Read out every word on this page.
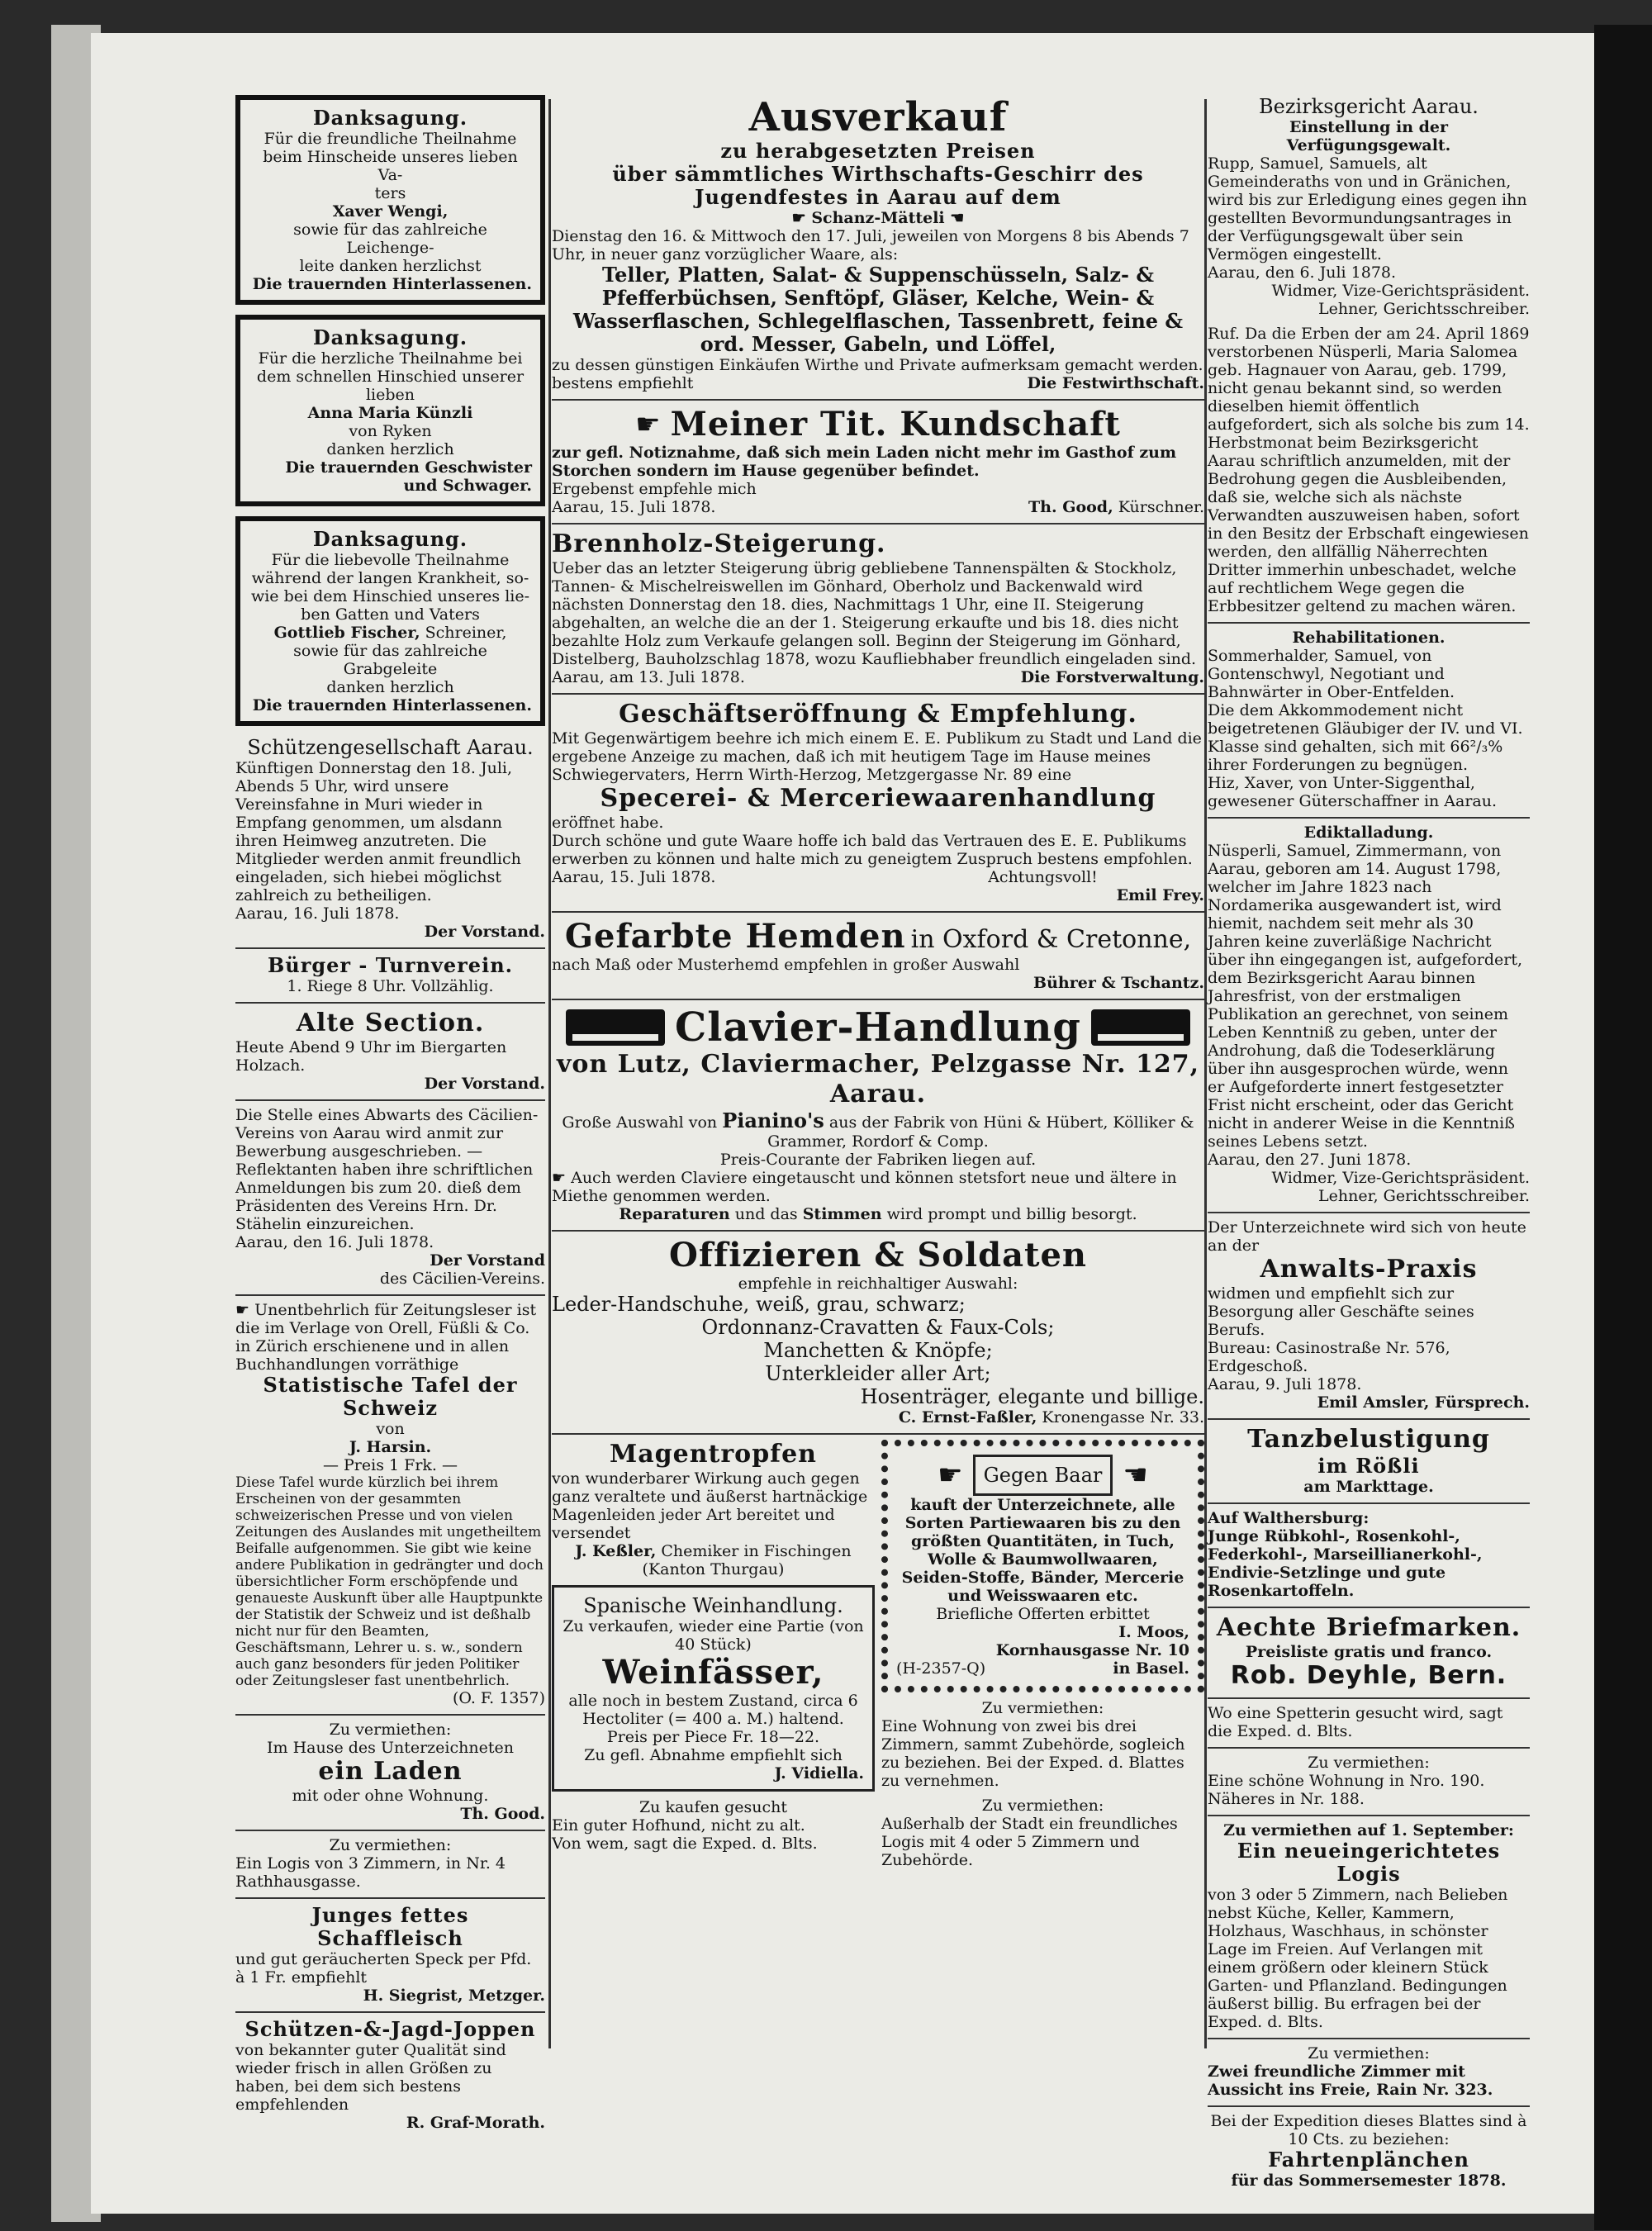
Danksagung.
Für die freundliche Theilnahme
beim Hinscheide unseres lieben Va-
ters
Xaver Wengi,
sowie für das zahlreiche Leichenge-
leite danken herzlichst
Die trauernden Hinterlassenen.
Danksagung.
Für die herzliche Theilnahme bei
dem schnellen Hinschied unserer lieben
Anna Maria Künzli
von Ryken
danken herzlich
Die trauernden Geschwister
und Schwager.
Danksagung.
Für die liebevolle Theilnahme
während der langen Krankheit, so-
wie bei dem Hinschied unseres lie-
ben Gatten und Vaters
Gottlieb Fischer, Schreiner,
sowie für das zahlreiche Grabgeleite
danken herzlich
Die trauernden Hinterlassenen.
Schützengesellschaft Aarau.
Künftigen Donnerstag den 18. Juli, Abends 5 Uhr, wird unsere Vereinsfahne in Muri wieder in Empfang genommen, um alsdann ihren Heimweg anzutreten. Die Mitglieder werden anmit freundlich eingeladen, sich hiebei möglichst zahlreich zu betheiligen.
Aarau, 16. Juli 1878.
Der Vorstand.
Bürger - Turnverein.
1. Riege 8 Uhr. Vollzählig.
Alte Section.
Heute Abend 9 Uhr im Biergarten Holzach.
Der Vorstand.
Die Stelle eines Abwarts des Cäcilien-Vereins von Aarau wird anmit zur Bewerbung ausgeschrieben. — Reflektanten haben ihre schriftlichen Anmeldungen bis zum 20. dieß dem Präsidenten des Vereins Hrn. Dr. Stähelin einzureichen.
Aarau, den 16. Juli 1878.
Der Vorstand
des Cäcilien-Vereins.
☛ Unentbehrlich für Zeitungsleser ist die im Verlage von Orell, Füßli & Co. in Zürich erschienene und in allen Buchhandlungen vorräthige
Statistische Tafel der Schweiz
von
J. Harsin.
— Preis 1 Frk. —
Diese Tafel wurde kürzlich bei ihrem Erscheinen von der gesammten schweizerischen Presse und von vielen Zeitungen des Auslandes mit ungetheiltem Beifalle aufgenommen. Sie gibt wie keine andere Publikation in gedrängter und doch übersichtlicher Form erschöpfende und genaueste Auskunft über alle Hauptpunkte der Statistik der Schweiz und ist deßhalb nicht nur für den Beamten, Geschäftsmann, Lehrer u. s. w., sondern auch ganz besonders für jeden Politiker oder Zeitungsleser fast unentbehrlich.
(O. F. 1357)
Zu vermiethen:
Im Hause des Unterzeichneten
ein Laden
mit oder ohne Wohnung.
Th. Good.
Zu vermiethen:
Ein Logis von 3 Zimmern, in Nr. 4 Rathhausgasse.
Junges fettes Schaffleisch
und gut geräucherten Speck per Pfd. à 1 Fr. empfiehlt
H. Siegrist, Metzger.
Schützen-&-Jagd-Joppen
von bekannter guter Qualität sind wieder frisch in allen Größen zu haben, bei dem sich bestens empfehlenden
R. Graf-Morath.
Ausverkauf
zu herabgesetzten Preisen
über sämmtliches Wirthschafts-Geschirr des Jugendfestes in Aarau auf dem
☛ Schanz-Mätteli ☚
Dienstag den 16. & Mittwoch den 17. Juli, jeweilen von Morgens 8 bis Abends 7 Uhr, in neuer ganz vorzüglicher Waare, als:
Teller, Platten, Salat- & Suppenschüsseln, Salz- & Pfefferbüchsen, Senftöpf, Gläser, Kelche, Wein- & Wasserflaschen, Schlegelflaschen, Tassenbrett, feine & ord. Messer, Gabeln, und Löffel,
zu dessen günstigen Einkäufen Wirthe und Private aufmerksam gemacht werden.
bestens empfiehlt	Die Festwirthschaft.
☛ Meiner Tit. Kundschaft
zur gefl. Notiznahme, daß sich mein Laden nicht mehr im Gasthof zum Storchen sondern im Hause gegenüber befindet.
Ergebenst empfehle mich
Aarau, 15. Juli 1878.	Th. Good, Kürschner.
Brennholz-Steigerung.
Ueber das an letzter Steigerung übrig gebliebene Tannenspälten & Stockholz, Tannen- & Mischelreiswellen im Gönhard, Oberholz und Backenwald wird nächsten Donnerstag den 18. dies, Nachmittags 1 Uhr, eine II. Steigerung abgehalten, an welche die an der 1. Steigerung erkaufte und bis 18. dies nicht bezahlte Holz zum Verkaufe gelangen soll. Beginn der Steigerung im Gönhard, Distelberg, Bauholzschlag 1878, wozu Kaufliebhaber freundlich eingeladen sind.
Aarau, am 13. Juli 1878.	Die Forstverwaltung.
Geschäftseröffnung & Empfehlung.
Mit Gegenwärtigem beehre ich mich einem E. E. Publikum zu Stadt und Land die ergebene Anzeige zu machen, daß ich mit heutigem Tage im Hause meines Schwiegervaters, Herrn Wirth-Herzog, Metzgergasse Nr. 89 eine
Specerei- & Merceriewaarenhandlung
eröffnet habe.
Durch schöne und gute Waare hoffe ich bald das Vertrauen des E. E. Publikums erwerben zu können und halte mich zu geneigtem Zuspruch bestens empfohlen.
Aarau, 15. Juli 1878.	Achtungsvoll!
Emil Frey.
Gefarbte Hemden in Oxford & Cretonne,
nach Maß oder Musterhemd empfehlen in großer Auswahl
Bührer & Tschantz.
Clavier-Handlung
von Lutz, Claviermacher, Pelzgasse Nr. 127, Aarau.
Große Auswahl von Pianino's aus der Fabrik von Hüni & Hübert, Kölliker & Grammer, Rordorf & Comp.
Preis-Courante der Fabriken liegen auf.
☛ Auch werden Claviere eingetauscht und können stetsfort neue und ältere in Miethe genommen werden.
Reparaturen und das Stimmen wird prompt und billig besorgt.
Offizieren & Soldaten
empfehle in reichhaltiger Auswahl:
Leder-Handschuhe, weiß, grau, schwarz;
Ordonnanz-Cravatten & Faux-Cols;
Manchetten & Knöpfe;
Unterkleider aller Art;
Hosenträger, elegante und billige.
C. Ernst-Faßler, Kronengasse Nr. 33.
Magentropfen
von wunderbarer Wirkung auch gegen ganz veraltete und äußerst hartnäckige Magenleiden jeder Art bereitet und versendet
J. Keßler, Chemiker in Fischingen
(Kanton Thurgau)
Spanische Weinhandlung.
Zu verkaufen, wieder eine Partie (von 40 Stück)
Weinfässer,
alle noch in bestem Zustand, circa 6 Hectoliter (= 400 a. M.) haltend.
Preis per Piece Fr. 18—22.
Zu gefl. Abnahme empfiehlt sich
J. Vidiella.
Zu kaufen gesucht
Ein guter Hofhund, nicht zu alt.
Von wem, sagt die Exped. d. Blts.
☛	Gegen Baar ☚
kauft der Unterzeichnete, alle Sorten Partiewaaren bis zu den größten Quantitäten, in Tuch, Wolle & Baumwollwaaren, Seiden-Stoffe, Bänder, Mercerie und Weisswaaren etc.
Briefliche Offerten erbittet
I. Moos,
Kornhausgasse Nr. 10
(H-2357-Q)	in Basel.
Zu vermiethen:
Eine Wohnung von zwei bis drei Zimmern, sammt Zubehörde, sogleich zu beziehen. Bei der Exped. d. Blattes zu vernehmen.
Zu vermiethen:
Außerhalb der Stadt ein freundliches Logis mit 4 oder 5 Zimmern und Zubehörde.
Bezirksgericht Aarau.
Einstellung in der Verfügungsgewalt.
Rupp, Samuel, Samuels, alt Gemeinderaths von und in Gränichen, wird bis zur Erledigung eines gegen ihn gestellten Bevormundungsantrages in der Verfügungsgewalt über sein Vermögen eingestellt.
Aarau, den 6. Juli 1878.
Widmer, Vize-Gerichtspräsident.
Lehner, Gerichtsschreiber.
Ruf. Da die Erben der am 24. April 1869 verstorbenen Nüsperli, Maria Salomea geb. Hagnauer von Aarau, geb. 1799, nicht genau bekannt sind, so werden dieselben hiemit öffentlich aufgefordert, sich als solche bis zum 14. Herbstmonat beim Bezirksgericht Aarau schriftlich anzumelden, mit der Bedrohung gegen die Ausbleibenden, daß sie, welche sich als nächste Verwandten auszuweisen haben, sofort in den Besitz der Erbschaft eingewiesen werden, den allfällig Näherrechten Dritter immerhin unbeschadet, welche auf rechtlichem Wege gegen die Erbbesitzer geltend zu machen wären.
Rehabilitationen.
Sommerhalder, Samuel, von Gontenschwyl, Negotiant und Bahnwärter in Ober-Entfelden.
Die dem Akkommodement nicht beigetretenen Gläubiger der IV. und VI. Klasse sind gehalten, sich mit 66²/₃% ihrer Forderungen zu begnügen.
Hiz, Xaver, von Unter-Siggenthal, gewesener Güterschaffner in Aarau.
Ediktalladung.
Nüsperli, Samuel, Zimmermann, von Aarau, geboren am 14. August 1798, welcher im Jahre 1823 nach Nordamerika ausgewandert ist, wird hiemit, nachdem seit mehr als 30 Jahren keine zuverläßige Nachricht über ihn eingegangen ist, aufgefordert, dem Bezirksgericht Aarau binnen Jahresfrist, von der erstmaligen Publikation an gerechnet, von seinem Leben Kenntniß zu geben, unter der Androhung, daß die Todeserklärung über ihn ausgesprochen würde, wenn er Aufgeforderte innert festgesetzter Frist nicht erscheint, oder das Gericht nicht in anderer Weise in die Kenntniß seines Lebens setzt.
Aarau, den 27. Juni 1878.
Widmer, Vize-Gerichtspräsident.
Lehner, Gerichtsschreiber.
Der Unterzeichnete wird sich von heute an der
Anwalts-Praxis
widmen und empfiehlt sich zur Besorgung aller Geschäfte seines Berufs.
Bureau: Casinostraße Nr. 576, Erdgeschoß.
Aarau, 9. Juli 1878.
Emil Amsler, Fürsprech.
Tanzbelustigung
im Rößli
am Markttage.
Auf Walthersburg:
Junge Rübkohl-, Rosenkohl-, Federkohl-, Marseillianerkohl-, Endivie-Setzlinge und gute Rosenkartoffeln.
Aechte Briefmarken.
Preisliste gratis und franco.
Rob. Deyhle, Bern.
Wo eine Spetterin gesucht wird, sagt die Exped. d. Blts.
Zu vermiethen:
Eine schöne Wohnung in Nro. 190. Näheres in Nr. 188.
Zu vermiethen auf 1. September:
Ein neueingerichtetes Logis
von 3 oder 5 Zimmern, nach Belieben nebst Küche, Keller, Kammern, Holzhaus, Waschhaus, in schönster Lage im Freien. Auf Verlangen mit einem größern oder kleinern Stück Garten- und Pflanzland. Bedingungen äußerst billig. Bu erfragen bei der Exped. d. Blts.
Zu vermiethen:
Zwei freundliche Zimmer mit Aussicht ins Freie, Rain Nr. 323.
Bei der Expedition dieses Blattes sind à 10 Cts. zu beziehen:
Fahrtenplänchen
für das Sommersemester 1878.
